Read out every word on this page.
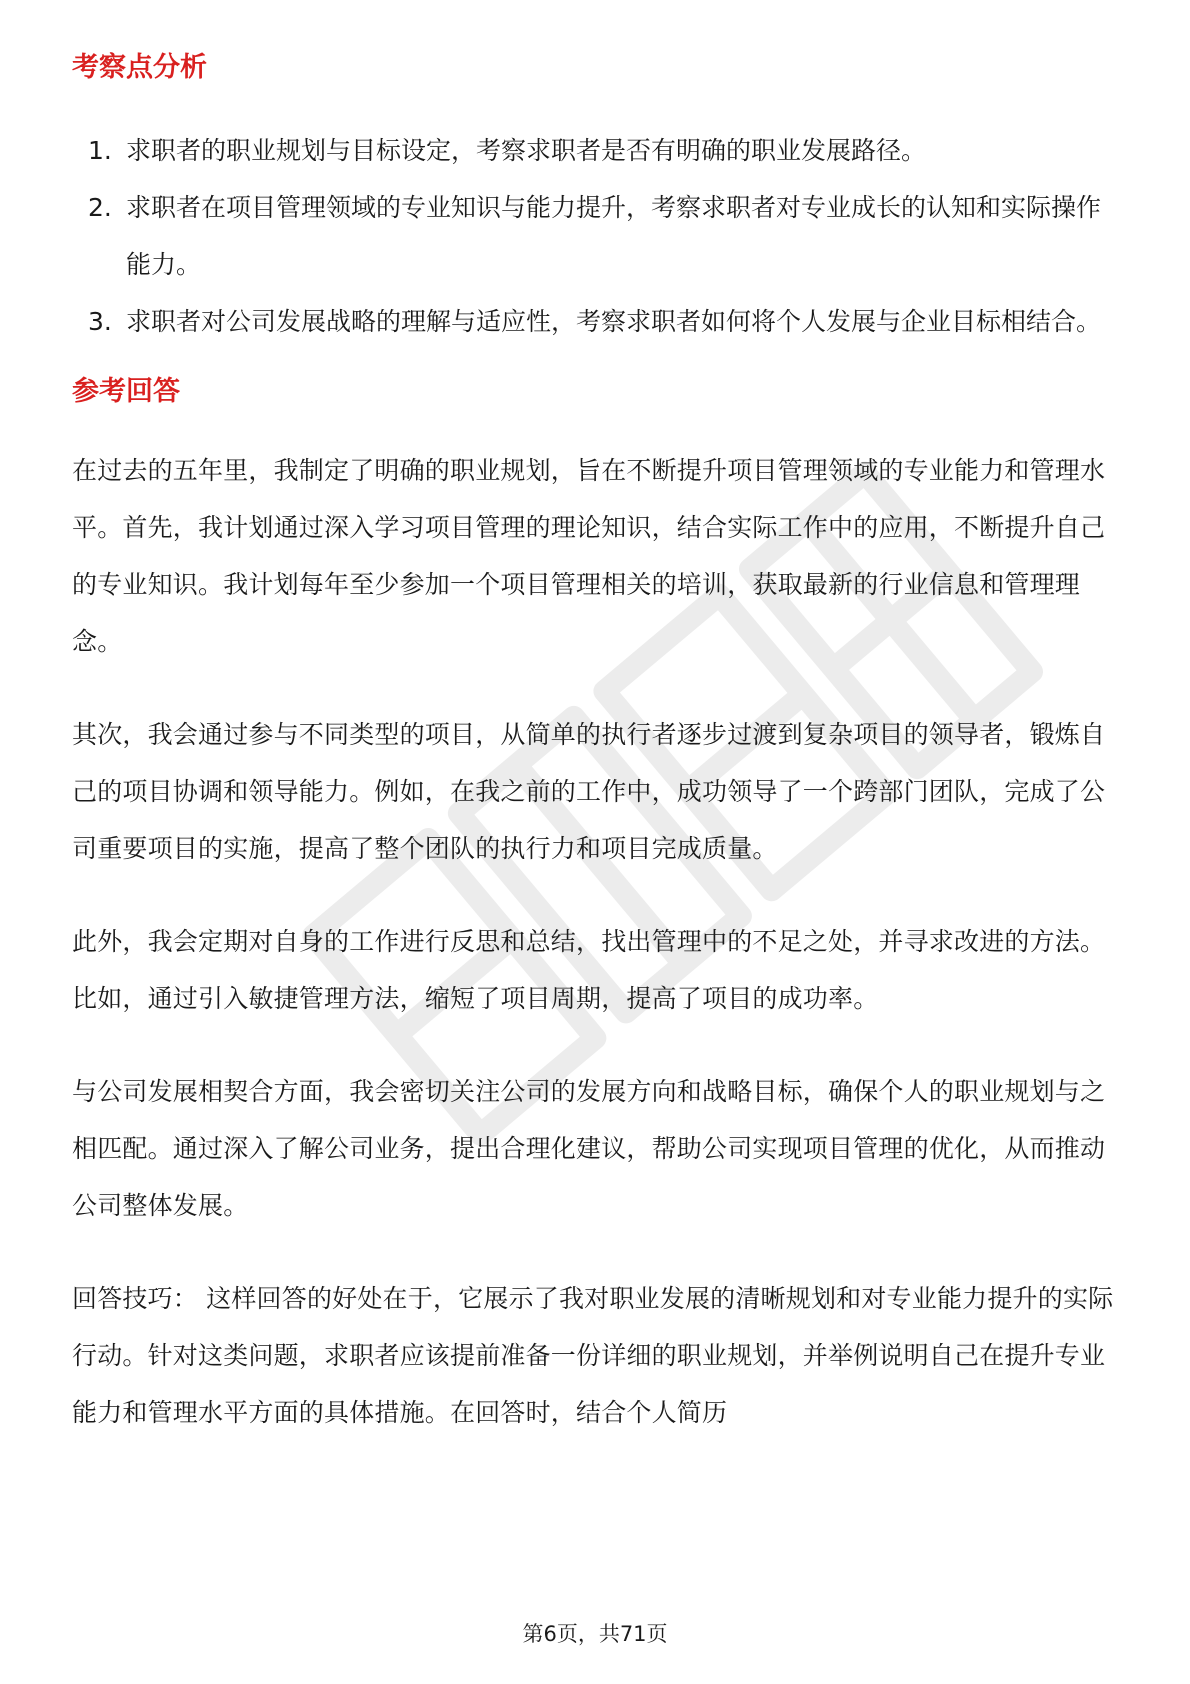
考察点分析
1. 求职者的职业规划与目标设定，考察求职者是否有明确的职业发展路径。
2. 求职者在项目管理领域的专业知识与能力提升，考察求职者对专业成长的认知和实际操作能力。
3. 求职者对公司发展战略的理解与适应性，考察求职者如何将个人发展与企业目标相结合。
参考回答

在过去的五年里，我制定了明确的职业规划，旨在不断提升项目管理领域的专业能力和管理水平。首先，我计划通过深入学习项目管理的理论知识，结合实际工作中的应用，不断提升自己的专业知识。我计划每年至少参加一个项目管理相关的培训，获取最新的行业信息和管理理念。

其次，我会通过参与不同类型的项目，从简单的执行者逐步过渡到复杂项目的领导者，锻炼自己的项目协调和领导能力。例如，在我之前的工作中，成功领导了一个跨部门团队，完成了公司重要项目的实施，提高了整个团队的执行力和项目完成质量。

此外，我会定期对自身的工作进行反思和总结，找出管理中的不足之处，并寻求改进的方法。比如，通过引入敏捷管理方法，缩短了项目周期，提高了项目的成功率。

与公司发展相契合方面，我会密切关注公司的发展方向和战略目标，确保个人的职业规划与之相匹配。通过深入了解公司业务，提出合理化建议，帮助公司实现项目管理的优化，从而推动公司整体发展。

回答技巧： 这样回答的好处在于，它展示了我对职业发展的清晰规划和对专业能力提升的实际行动。针对这类问题，求职者应该提前准备一份详细的职业规划，并举例说明自己在提升专业能力和管理水平方面的具体措施。在回答时，结合个人简历

第6页，共71页
